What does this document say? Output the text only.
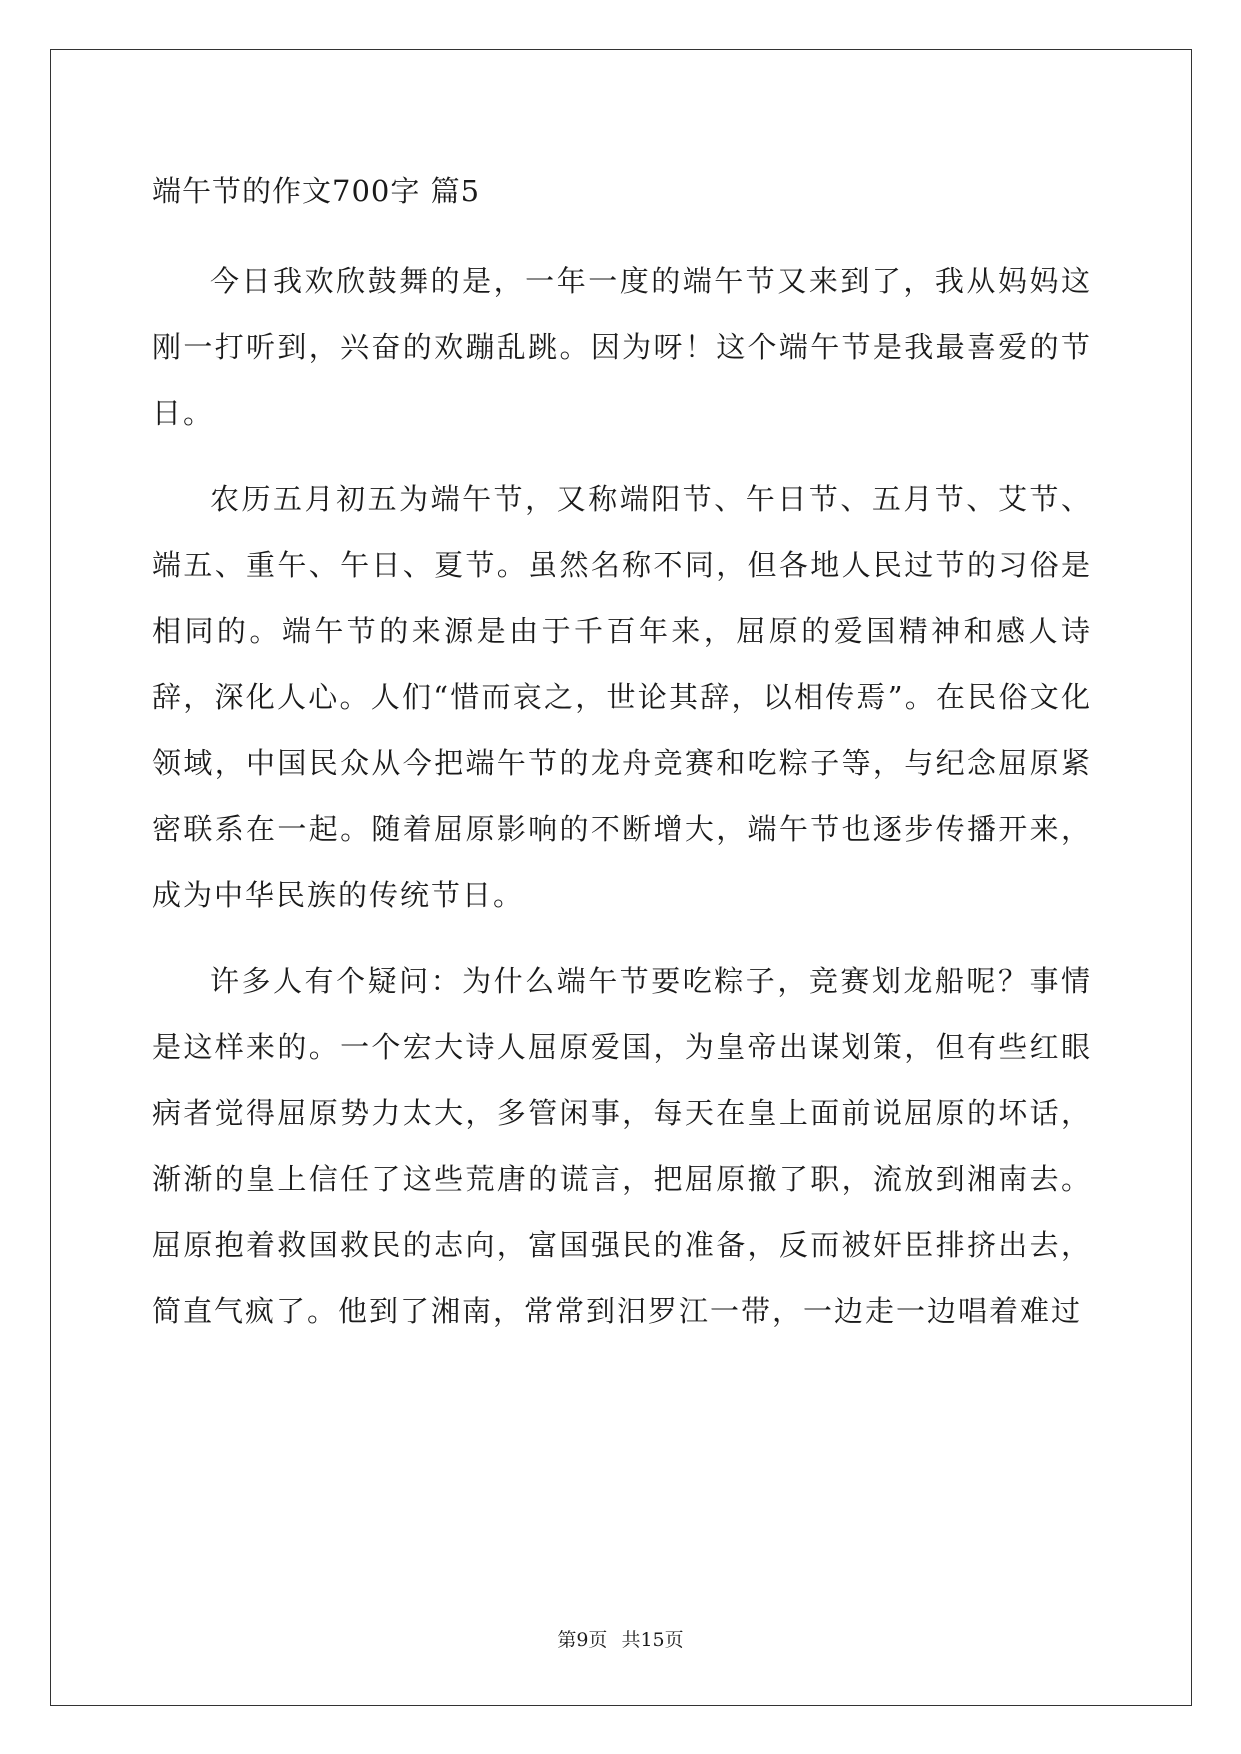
端午节的作文700字 篇5

今日我欢欣鼓舞的是，一年一度的端午节又来到了，我从妈妈这刚一打听到，兴奋的欢蹦乱跳。因为呀！这个端午节是我最喜爱的节日。

农历五月初五为端午节，又称端阳节、午日节、五月节、艾节、端五、重午、午日、夏节。虽然名称不同，但各地人民过节的习俗是相同的。端午节的来源是由于千百年来，屈原的爱国精神和感人诗辞，深化人心。人们“惜而哀之，世论其辞，以相传焉”。在民俗文化领域，中国民众从今把端午节的龙舟竞赛和吃粽子等，与纪念屈原紧密联系在一起。随着屈原影响的不断增大，端午节也逐步传播开来，成为中华民族的传统节日。

许多人有个疑问：为什么端午节要吃粽子，竞赛划龙船呢？事情是这样来的。一个宏大诗人屈原爱国，为皇帝出谋划策，但有些红眼病者觉得屈原势力太大，多管闲事，每天在皇上面前说屈原的坏话，渐渐的皇上信任了这些荒唐的谎言，把屈原撤了职，流放到湘南去。屈原抱着救国救民的志向，富国强民的准备，反而被奸臣排挤出去，简直气疯了。他到了湘南，常常到汨罗江一带，一边走一边唱着难过

第9页 共15页
